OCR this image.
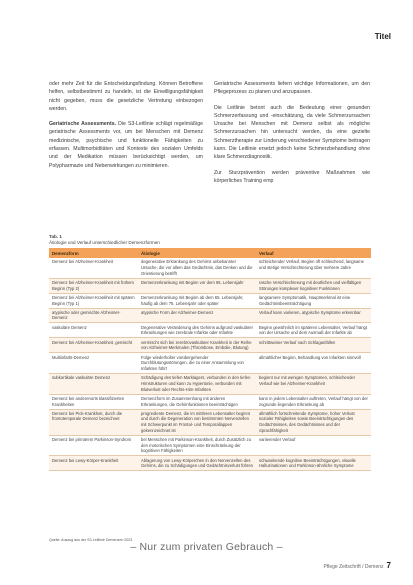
Titel

oder mehr Zeit für die Entscheidungsfindung. Können Betroffene helfen, selbstbestimmt zu handeln, ist die Einwilligungsfähigkeit nicht gegeben, muss die gesetzliche Vertretung einbezogen werden.

Geriatrische Assessments. Die S3-Leitlinie schlägt regelmäßige geriatrische Assessments vor, um bei Menschen mit Demenz medizinische, psychische und funktionelle Fähigkeiten zu erfassen. Multimorbiditäten und Kontexte des sozialen Umfelds und der Medikation müssen berücksichtigt werden, um Polypharmazie und Nebenwirkungen zu minimieren.

Geriatrische Assessments liefern wichtige Informationen, um den Pflegeprozess zu planen und anzupassen.

Die Leitlinie betont auch die Bedeutung einer gesunden Schmerzerfassung und -einschätzung, da viele Schmerzursachen Ursache bei Menschen mit Demenz selbst als mögliche Schmerzursachen hin untersucht werden, da eine gezielte Schmerztherapie zur Linderung verschiedener Symptome beitragen kann. Die Leitlinie ersetzt jedoch keine Schmerzbehandlung ohne klare Schmerzdiagnostik.

Zur Sturzprävention werden präventive Maßnahmen wie körperliches Training emp

Tab. 1
Ätiologie und Verlauf unterschiedlicher Demenzformen
Demenzform	Ätiologie	Verlauf
Demenz bei Alzheimer-Krankheit	degenerative Erkrankung des Gehirns unbekannter Ursache, die vor allem das Gedächtnis, das Denken und die Orientierung betrifft	schleichender Verlauf, Beginn oft schleichend, langsame und stetige Verschlechterung über mehrere Jahre
Demenz bei Alzheimer-Krankheit mit frühem Beginn (Typ 2)	Demenzerkrankung mit Beginn vor dem 65. Lebensjahr	rasche Verschlechterung mit deutlichen und vielfältigen Störungen komplexer kognitiver Funktionen
Demenz bei Alzheimer-Krankheit mit spätem Beginn (Typ 1)	Demenzerkrankung mit Beginn ab dem 65. Lebensjahr, häufig ab dem 75. Lebensjahr oder später	langsamere Symptomatik, Hauptmerkmal ist eine Gedächtnisbeeinträchtigung
atypische oder gemischte Alzheimer-Demenz	atypische Form der Alzheimer-Demenz	Verlauf kann variieren, atypische Symptome erkennbar
vaskuläre Demenz	Degenerative Veränderung des Gehirns aufgrund vaskulärer Erkrankungen wie zerebrale Infarkte oder Infarkte	Beginn gewöhnlich im späteren Lebensalter, Verlauf hängt von der Ursache und dem Ausmaß der Infarkte ab
Demenz bei Alzheimer-Krankheit, gemischt	vermischt sich bei zerebrovaskulärer Krankheit in der Reihe von Alzheimer-Merkmalen (Thrombose, Embolie, Blutung)	schrittweiser Verlauf nach Schlaganfällen
Multiinfarkt-Demenz	Folge wiederholter vorübergehender Durchblutungsstörungen, die zu einer Ansammlung von Infarkten führt	allmählicher Beginn, Behandlung von Infarkten sinnvoll
subkortikale vaskuläre Demenz	Schädigung des tiefen Marklagers, verbunden in den tiefen Hirnstrukturen und kann zu Hypertonie, verbunden mit Blutverlust oder Rechts-Hirn-Infarkten	beginnt nur mit wenigen Symptomen, schleichender Verlauf wie bei Alzheimer-Krankheit
Demenz bei anderenorts klassifizierten Krankheiten	Demenzform im Zusammenhang mit anderen Erkrankungen, die Gehirnfunktionen beeinträchtigen	kann in jedem Lebensalter auftreten, Verlauf hängt von der zugrunde liegenden Erkrankung ab
Demenz bei Pick-Krankheit, durch die frontotemporale Demenz bezeichnet	progrediente Demenz, die im mittleren Lebensalter beginnt und durch die Degeneration von bestimmten Nervenzellen mit Schwerpunkt im Frontal- und Temporallappen gekennzeichnet ist	allmählich fortschreitende Symptome, hoher Verlust sozialer Fähigkeiten sowie Beeinträchtigungen des Gedächtnisses, des Gedächtnisses und der Sprachfähigkeit
Demenz bei primärem Parkinson-Syndrom	bei Menschen mit Parkinson-Krankheit, durch Zusätzlich zu den motorischen Symptomen eine Einschränkung der kognitiven Fähigkeiten	variierender Verlauf
Demenz bei Lewy-Körper-Krankheit	Ablagerung von Lewy-Körperchen in den Nervenzellen des Gehirns, die zu Schädigungen und Gedächtnisverlust führen	schwankende kognitive Beeinträchtigungen, visuelle Halluzinationen und Parkinson-ähnliche Symptome
Quelle: Auszug aus der S3-Leitlinie Demenzen 2023
– Nur zum privaten Gebrauch –
Pflege Zeitschrift / Demenz 7
